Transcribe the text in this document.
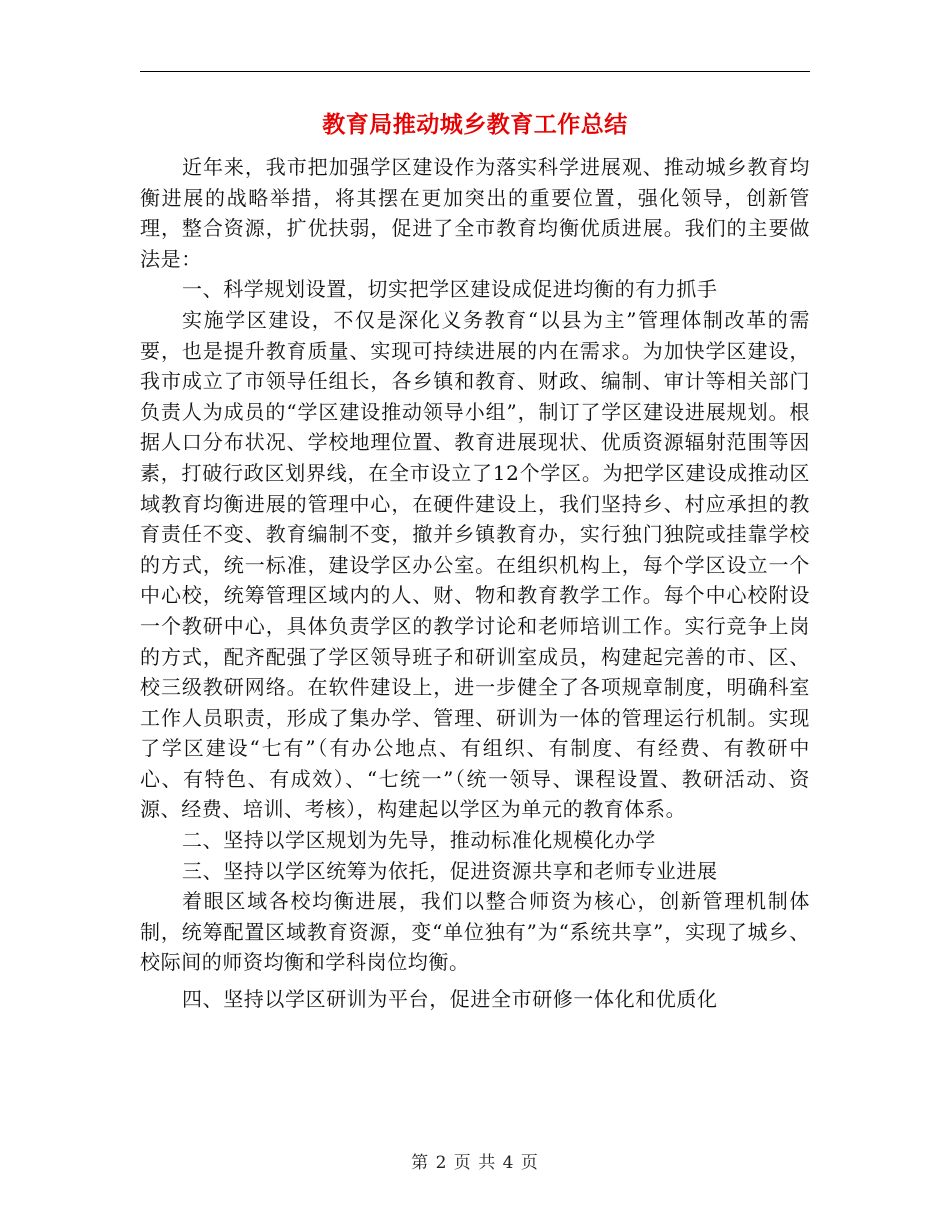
教育局推动城乡教育工作总结

近年来，我市把加强学区建设作为落实科学进展观、推动城乡教育均衡进展的战略举措，将其摆在更加突出的重要位置，强化领导，创新管理，整合资源，扩优扶弱，促进了全市教育均衡优质进展。我们的主要做法是：

一、科学规划设置，切实把学区建设成促进均衡的有力抓手

实施学区建设，不仅是深化义务教育“以县为主”管理体制改革的需要，也是提升教育质量、实现可持续进展的内在需求。为加快学区建设，我市成立了市领导任组长，各乡镇和教育、财政、编制、审计等相关部门负责人为成员的“学区建设推动领导小组”，制订了学区建设进展规划。根据人口分布状况、学校地理位置、教育进展现状、优质资源辐射范围等因素，打破行政区划界线，在全市设立了12个学区。为把学区建设成推动区域教育均衡进展的管理中心，在硬件建设上，我们坚持乡、村应承担的教育责任不变、教育编制不变，撤并乡镇教育办，实行独门独院或挂靠学校的方式，统一标准，建设学区办公室。在组织机构上，每个学区设立一个中心校，统筹管理区域内的人、财、物和教育教学工作。每个中心校附设一个教研中心，具体负责学区的教学讨论和老师培训工作。实行竞争上岗的方式，配齐配强了学区领导班子和研训室成员，构建起完善的市、区、校三级教研网络。在软件建设上，进一步健全了各项规章制度，明确科室工作人员职责，形成了集办学、管理、研训为一体的管理运行机制。实现了学区建设“七有”（有办公地点、有组织、有制度、有经费、有教研中心、有特色、有成效）、“七统一”（统一领导、课程设置、教研活动、资源、经费、培训、考核），构建起以学区为单元的教育体系。

二、坚持以学区规划为先导，推动标准化规模化办学

三、坚持以学区统筹为依托，促进资源共享和老师专业进展

着眼区域各校均衡进展，我们以整合师资为核心，创新管理机制体制，统筹配置区域教育资源，变“单位独有”为“系统共享”，实现了城乡、校际间的师资均衡和学科岗位均衡。

四、坚持以学区研训为平台，促进全市研修一体化和优质化

第 2 页 共 4 页
